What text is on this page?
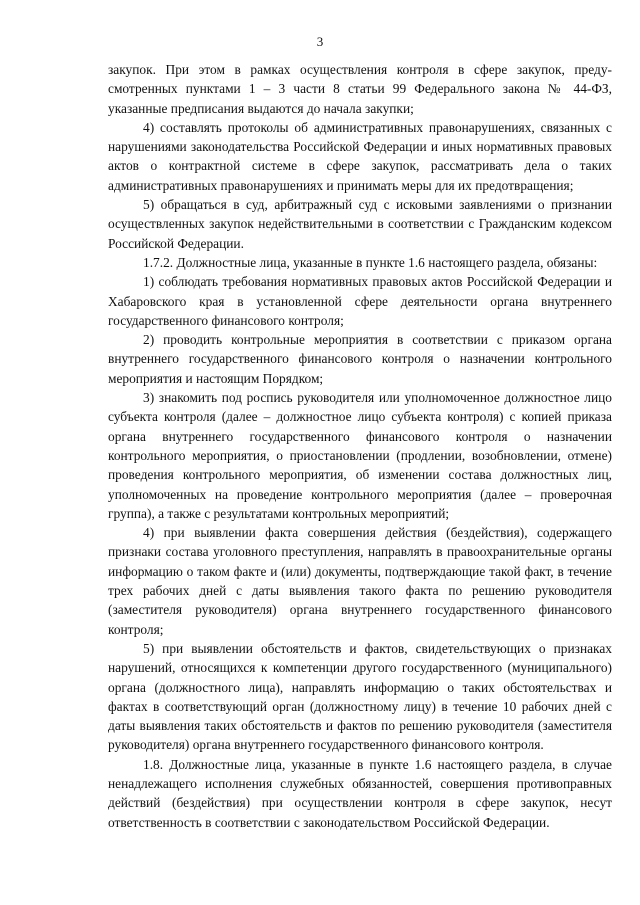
3

закупок. При этом в рамках осуществления контроля в сфере закупок, предусмотренных пунктами 1 – 3 части 8 статьи 99 Федерального закона № 44-ФЗ, указанные предписания выдаются до начала закупки;

4) составлять протоколы об административных правонарушениях, связанных с нарушениями законодательства Российской Федерации и иных нормативных правовых актов о контрактной системе в сфере закупок, рассматривать дела о таких административных правонарушениях и принимать меры для их предотвращения;

5) обращаться в суд, арбитражный суд с исковыми заявлениями о признании осуществленных закупок недействительными в соответствии с Гражданским кодексом Российской Федерации.

1.7.2. Должностные лица, указанные в пункте 1.6 настоящего раздела, обязаны:

1) соблюдать требования нормативных правовых актов Российской Федерации и Хабаровского края в установленной сфере деятельности органа внутреннего государственного финансового контроля;

2) проводить контрольные мероприятия в соответствии с приказом органа внутреннего государственного финансового контроля о назначении контрольного мероприятия и настоящим Порядком;

3) знакомить под роспись руководителя или уполномоченное должностное лицо субъекта контроля (далее – должностное лицо субъекта контроля) с копией приказа органа внутреннего государственного финансового контроля о назначении контрольного мероприятия, о приостановлении (продлении, возобновлении, отмене) проведения контрольного мероприятия, об изменении состава должностных лиц, уполномоченных на проведение контрольного мероприятия (далее – проверочная группа), а также с результатами контрольных мероприятий;

4) при выявлении факта совершения действия (бездействия), содержащего признаки состава уголовного преступления, направлять в правоохранительные органы информацию о таком факте и (или) документы, подтверждающие такой факт, в течение трех рабочих дней с даты выявления такого факта по решению руководителя (заместителя руководителя) органа внутреннего государственного финансового контроля;

5) при выявлении обстоятельств и фактов, свидетельствующих о признаках нарушений, относящихся к компетенции другого государственного (муниципального) органа (должностного лица), направлять информацию о таких обстоятельствах и фактах в соответствующий орган (должностному лицу) в течение 10 рабочих дней с даты выявления таких обстоятельств и фактов по решению руководителя (заместителя руководителя) органа внутреннего государственного финансового контроля.

1.8. Должностные лица, указанные в пункте 1.6 настоящего раздела, в случае ненадлежащего исполнения служебных обязанностей, совершения противоправных действий (бездействия) при осуществлении контроля в сфере закупок, несут ответственность в соответствии с законодательством Российской Федерации.
